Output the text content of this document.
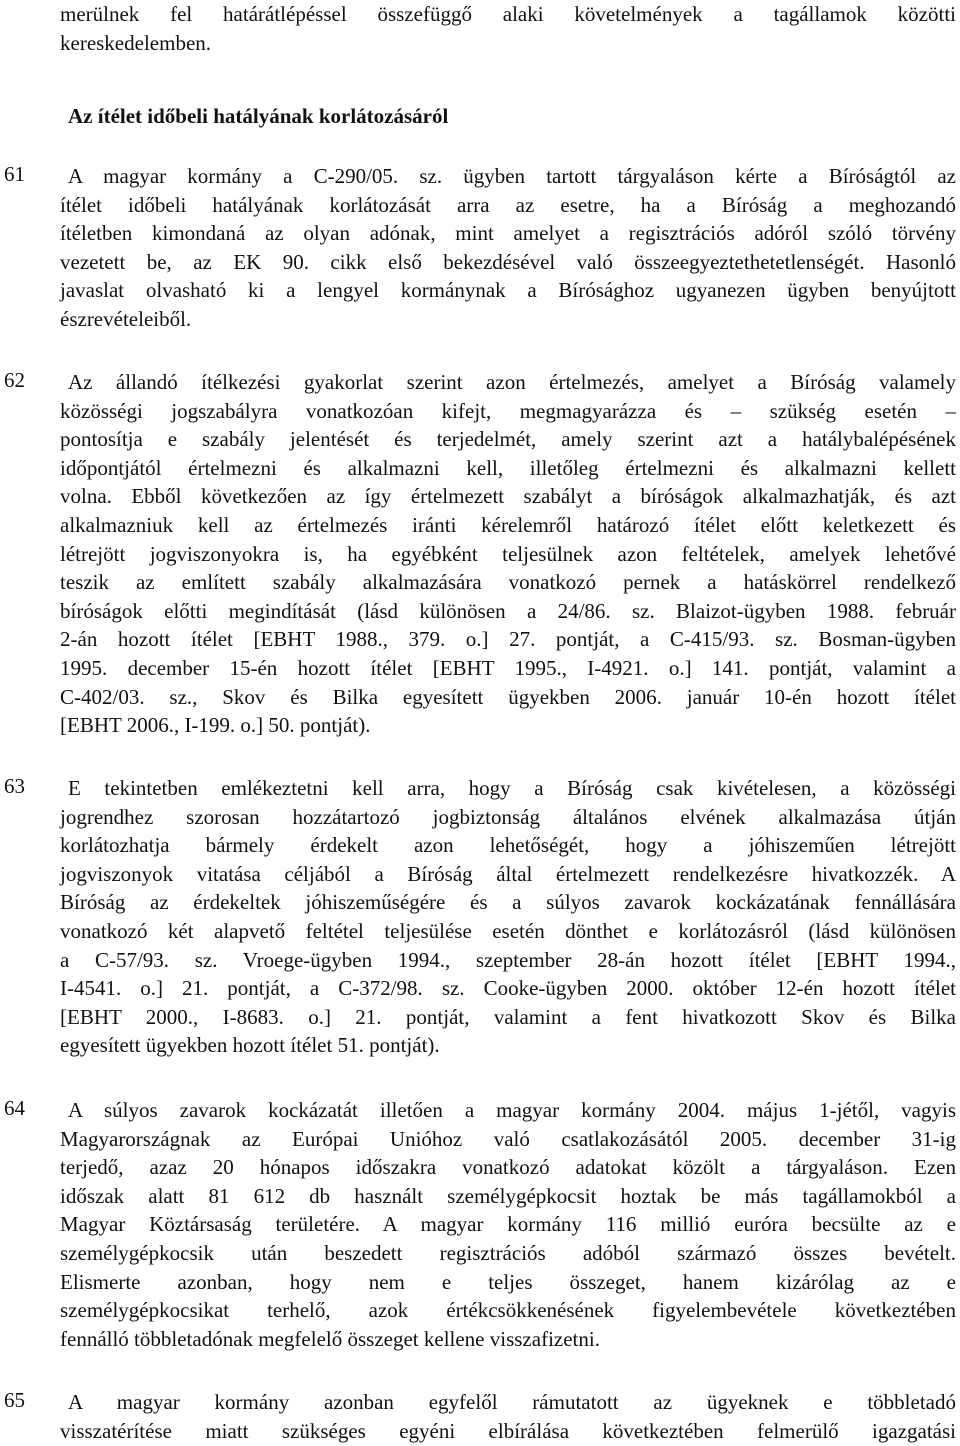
merülnek fel határátlépéssel összefüggő alaki követelmények a tagállamok közötti
kereskedelemben.
Az ítélet időbeli hatályának korlátozásáról
61	A magyar kormány a C-290/05. sz. ügyben tartott tárgyaláson kérte a Bíróságtól az
ítélet időbeli hatályának korlátozását arra az esetre, ha a Bíróság a meghozandó
ítéletben kimondaná az olyan adónak, mint amelyet a regisztrációs adóról szóló törvény
vezetett be, az EK 90. cikk első bekezdésével való összeegyeztethetetlenségét. Hasonló
javaslat olvasható ki a lengyel kormánynak a Bírósághoz ugyanezen ügyben benyújtott
észrevételeiből.
62	Az állandó ítélkezési gyakorlat szerint azon értelmezés, amelyet a Bíróság valamely
közösségi jogszabályra vonatkozóan kifejt, megmagyarázza és – szükség esetén –
pontosítja e szabály jelentését és terjedelmét, amely szerint azt a hatálybalépésének
időpontjától értelmezni és alkalmazni kell, illetőleg értelmezni és alkalmazni kellett
volna. Ebből következően az így értelmezett szabályt a bíróságok alkalmazhatják, és azt
alkalmazniuk kell az értelmezés iránti kérelemről határozó ítélet előtt keletkezett és
létrejött jogviszonyokra is, ha egyébként teljesülnek azon feltételek, amelyek lehetővé
teszik az említett szabály alkalmazására vonatkozó pernek a hatáskörrel rendelkező
bíróságok előtti megindítását (lásd különösen a 24/86. sz. Blaizot-ügyben 1988. február
2-án hozott ítélet [EBHT 1988., 379. o.] 27. pontját, a C-415/93. sz. Bosman-ügyben
1995. december 15-én hozott ítélet [EBHT 1995., I-4921. o.] 141. pontját, valamint a
C-402/03. sz., Skov és Bilka egyesített ügyekben 2006. január 10-én hozott ítélet
[EBHT 2006., I-199. o.] 50. pontját).
63	E tekintetben emlékeztetni kell arra, hogy a Bíróság csak kivételesen, a közösségi
jogrendhez szorosan hozzátartozó jogbiztonság általános elvének alkalmazása útján
korlátozhatja bármely érdekelt azon lehetőségét, hogy a jóhiszeműen létrejött
jogviszonyok vitatása céljából a Bíróság által értelmezett rendelkezésre hivatkozzék. A
Bíróság az érdekeltek jóhiszeműségére és a súlyos zavarok kockázatának fennállására
vonatkozó két alapvető feltétel teljesülése esetén dönthet e korlátozásról (lásd különösen
a C-57/93. sz. Vroege-ügyben 1994., szeptember 28-án hozott ítélet [EBHT 1994.,
I-4541. o.] 21. pontját, a C-372/98. sz. Cooke-ügyben 2000. október 12-én hozott ítélet
[EBHT 2000., I-8683. o.] 21. pontját, valamint a fent hivatkozott Skov és Bilka
egyesített ügyekben hozott ítélet 51. pontját).
64	A súlyos zavarok kockázatát illetően a magyar kormány 2004. május 1-jétől, vagyis
Magyarországnak az Európai Unióhoz való csatlakozásától 2005. december 31-ig
terjedő, azaz 20 hónapos időszakra vonatkozó adatokat közölt a tárgyaláson. Ezen
időszak alatt 81 612 db használt személygépkocsit hoztak be más tagállamokból a
Magyar Köztársaság területére. A magyar kormány 116 millió euróra becsülte az e
személygépkocsik után beszedett regisztrációs adóból származó összes bevételt.
Elismerte azonban, hogy nem e teljes összeget, hanem kizárólag az e
személygépkocsikat terhelő, azok értékcsökkenésének figyelembevétele következtében
fennálló többletadónak megfelelő összeget kellene visszafizetni.
65	A magyar kormány azonban egyfelől rámutatott az ügyeknek e többletadó
visszatérítése miatt szükséges egyéni elbírálása következtében felmerülő igazgatási
